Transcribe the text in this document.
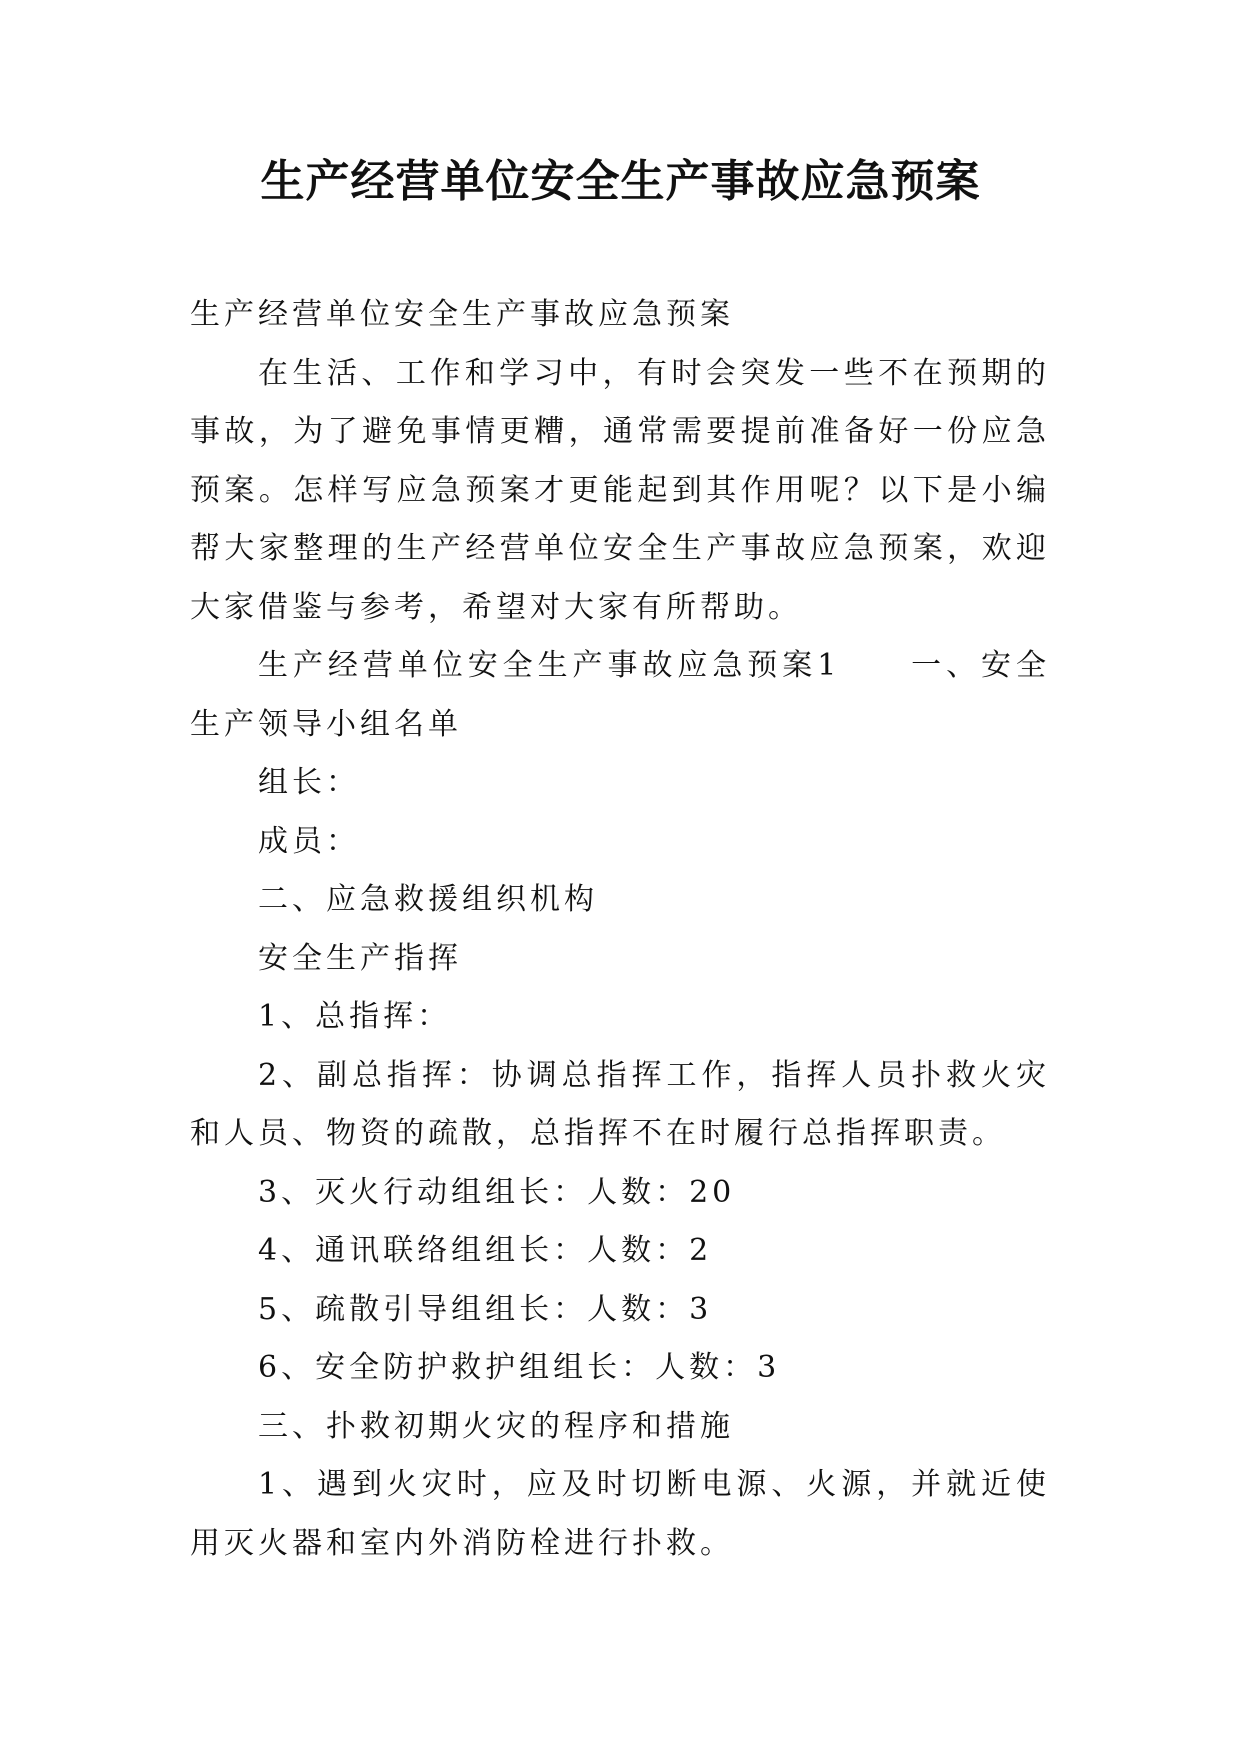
生产经营单位安全生产事故应急预案

生产经营单位安全生产事故应急预案

在生活、工作和学习中，有时会突发一些不在预期的事故，为了避免事情更糟，通常需要提前准备好一份应急预案。怎样写应急预案才更能起到其作用呢？以下是小编帮大家整理的生产经营单位安全生产事故应急预案，欢迎大家借鉴与参考，希望对大家有所帮助。

生产经营单位安全生产事故应急预案1　　一、安全生产领导小组名单

组长：

成员：

二、应急救援组织机构

安全生产指挥

1、总指挥：

2、副总指挥：协调总指挥工作，指挥人员扑救火灾和人员、物资的疏散，总指挥不在时履行总指挥职责。

3、灭火行动组组长：人数：20

4、通讯联络组组长：人数：2

5、疏散引导组组长：人数：3

6、安全防护救护组组长：人数：3

三、扑救初期火灾的程序和措施

1、遇到火灾时，应及时切断电源、火源，并就近使用灭火器和室内外消防栓进行扑救。
